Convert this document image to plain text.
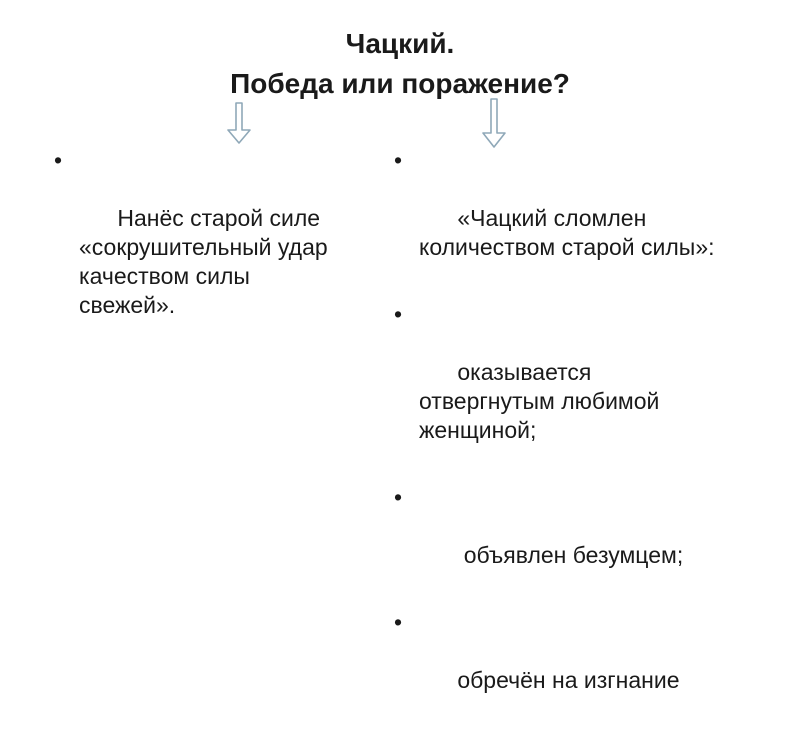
Чацкий.
Победа или поражение?

•

Нанёс старой силе «сокрушительный удар качеством силы свежей».

•

«Чацкий сломлен количеством старой силы»:

•

оказывается отвергнутым любимой женщиной;

•

объявлен безумцем;

•

обречён на изгнание
